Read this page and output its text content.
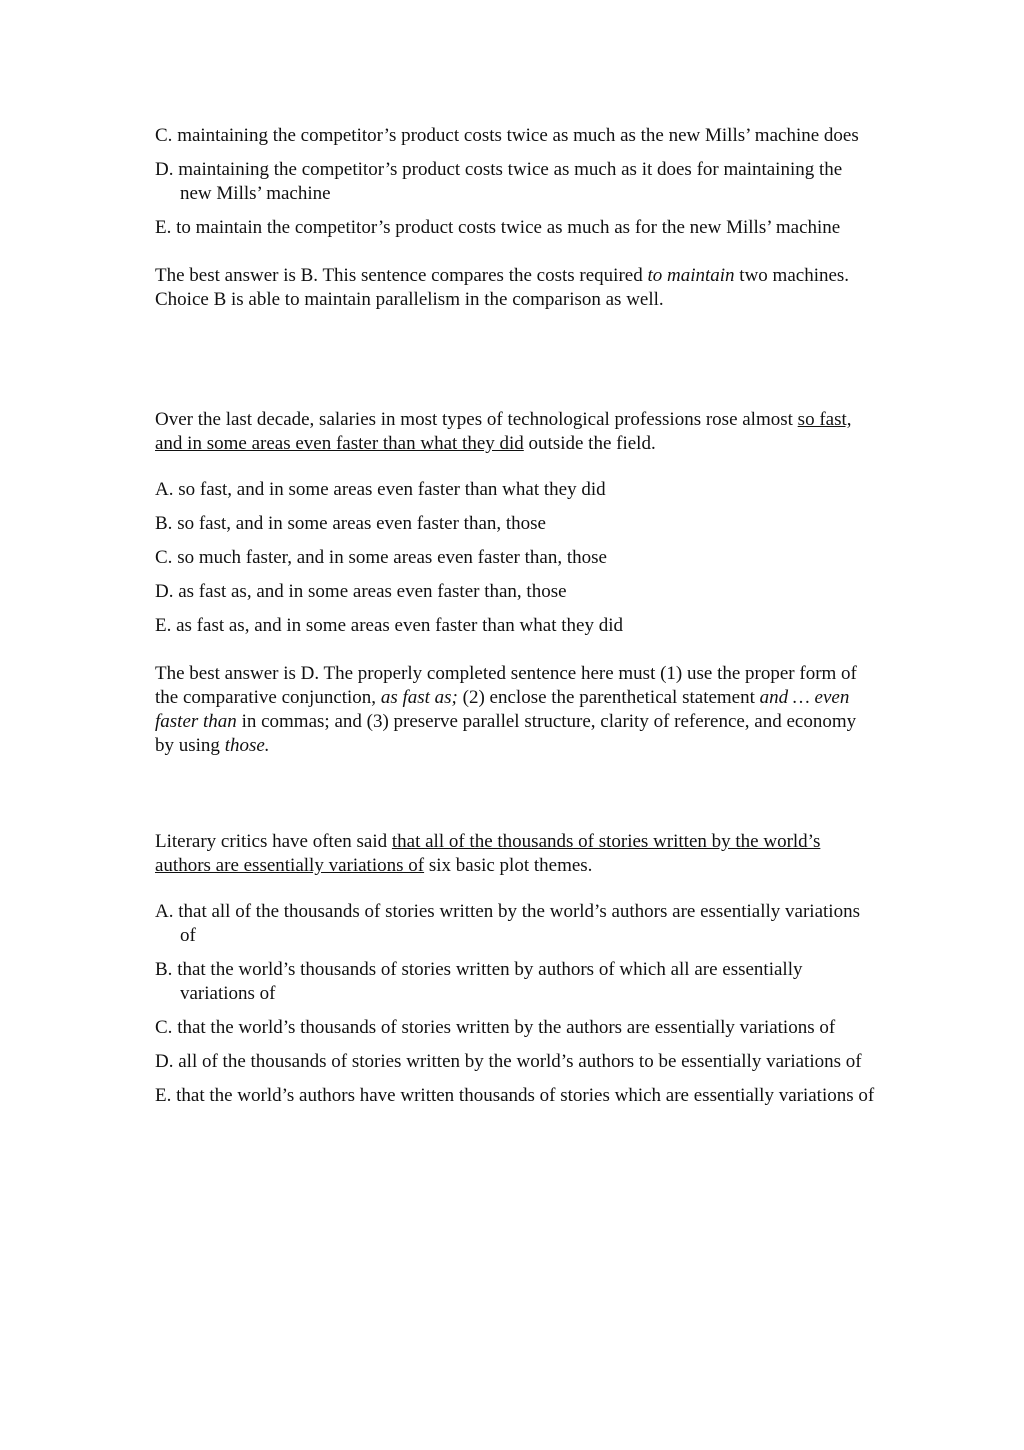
C. maintaining the competitor’s product costs twice as much as the new Mills’ machine does

D. maintaining the competitor’s product costs twice as much as it does for maintaining the new Mills’ machine

E. to maintain the competitor’s product costs twice as much as for the new Mills’ machine

The best answer is B. This sentence compares the costs required to maintain two machines. Choice B is able to maintain parallelism in the comparison as well.

Over the last decade, salaries in most types of technological professions rose almost so fast, and in some areas even faster than what they did outside the field.

A. so fast, and in some areas even faster than what they did

B. so fast, and in some areas even faster than, those

C. so much faster, and in some areas even faster than, those

D. as fast as, and in some areas even faster than, those

E. as fast as, and in some areas even faster than what they did

The best answer is D. The properly completed sentence here must (1) use the proper form of the comparative conjunction, as fast as; (2) enclose the parenthetical statement and … even faster than in commas; and (3) preserve parallel structure, clarity of reference, and economy by using those.

Literary critics have often said that all of the thousands of stories written by the world’s authors are essentially variations of six basic plot themes.

A. that all of the thousands of stories written by the world’s authors are essentially variations of

B. that the world’s thousands of stories written by authors of which all are essentially variations of

C. that the world’s thousands of stories written by the authors are essentially variations of

D. all of the thousands of stories written by the world’s authors to be essentially variations of

E. that the world’s authors have written thousands of stories which are essentially variations of
